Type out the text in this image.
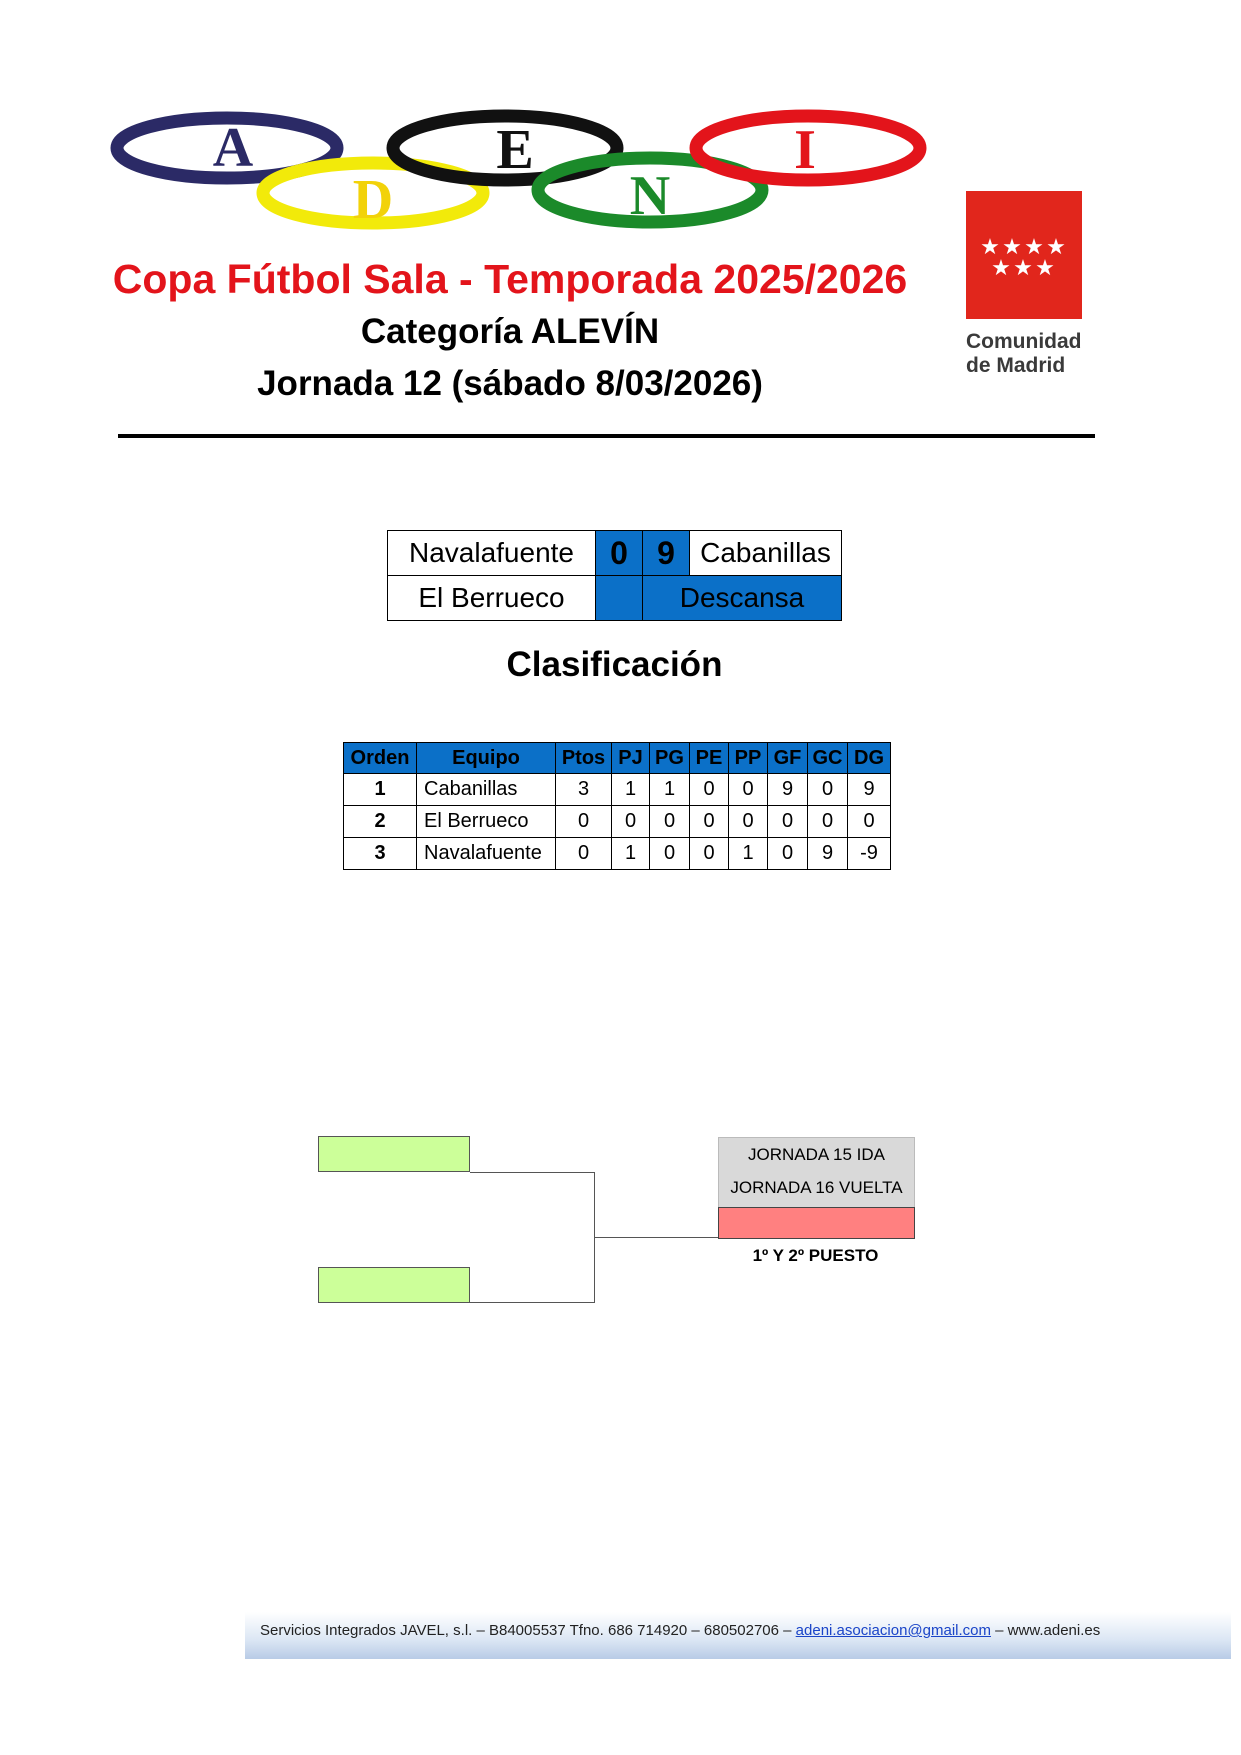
A
D
E
N
I
Copa Fútbol Sala - Temporada 2025/2026
Categoría ALEVÍN
Jornada 12 (sábado 8/03/2026)
★ ★ ★ ★
★ ★ ★
Comunidad
de Madrid
Navalafuente	0	9	Cabanillas
El Berrueco		Descansa	
Clasificación
Orden	Equipo	Ptos	PJ	PG	PE	PP	GF	GC	DG
1	Cabanillas	3	1	1	0	0	9	0	9
2	El Berrueco	0	0	0	0	0	0	0	0
3	Navalafuente	0	1	0	0	1	0	9	-9
JORNADA 15 IDA
JORNADA 16 VUELTA
1º Y 2º PUESTO
Servicios Integrados JAVEL, s.l. – B84005537 Tfno. 686 714920 – 680502706 – adeni.asociacion@gmail.com – www.adeni.es
